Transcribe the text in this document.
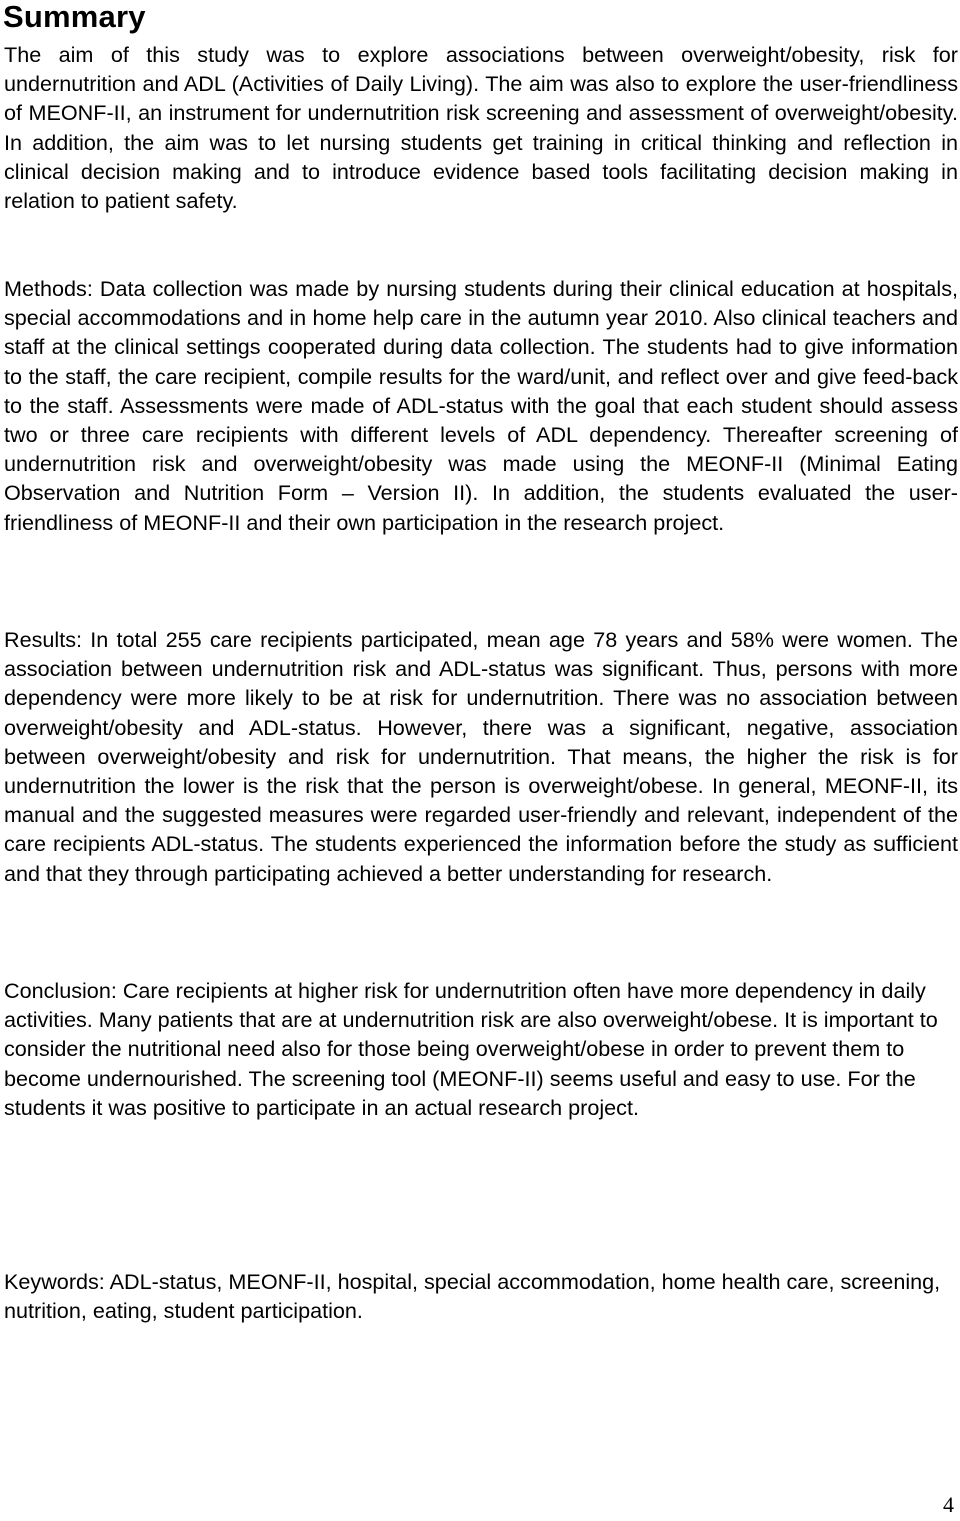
Summary

The aim of this study was to explore associations between overweight/obesity, risk for undernutrition and ADL (Activities of Daily Living). The aim was also to explore the user-friendliness of MEONF-II, an instrument for undernutrition risk screening and assessment of overweight/obesity. In addition, the aim was to let nursing students get training in critical thinking and reflection in clinical decision making and to introduce evidence based tools facilitating decision making in relation to patient safety.

Methods: Data collection was made by nursing students during their clinical education at hospitals, special accommodations and in home help care in the autumn year 2010. Also clinical teachers and staff at the clinical settings cooperated during data collection. The students had to give information to the staff, the care recipient, compile results for the ward/unit, and reflect over and give feed-back to the staff. Assessments were made of ADL-status with the goal that each student should assess two or three care recipients with different levels of ADL dependency. Thereafter screening of undernutrition risk and overweight/obesity was made using the MEONF-II (Minimal Eating Observation and Nutrition Form – Version II). In addition, the students evaluated the user-friendliness of MEONF-II and their own participation in the research project.

Results: In total 255 care recipients participated, mean age 78 years and 58% were women. The association between undernutrition risk and ADL-status was significant. Thus, persons with more dependency were more likely to be at risk for undernutrition. There was no association between overweight/obesity and ADL-status. However, there was a significant, negative, association between overweight/obesity and risk for undernutrition. That means, the higher the risk is for undernutrition the lower is the risk that the person is overweight/obese. In general, MEONF-II, its manual and the suggested measures were regarded user-friendly and relevant, independent of the care recipients ADL-status. The students experienced the information before the study as sufficient and that they through participating achieved a better understanding for research.

Conclusion: Care recipients at higher risk for undernutrition often have more dependency in daily activities. Many patients that are at undernutrition risk are also overweight/obese. It is important to consider the nutritional need also for those being overweight/obese in order to prevent them to become undernourished. The screening tool (MEONF-II) seems useful and easy to use. For the students it was positive to participate in an actual research project.

Keywords: ADL-status, MEONF-II, hospital, special accommodation, home health care, screening, nutrition, eating, student participation.

4
